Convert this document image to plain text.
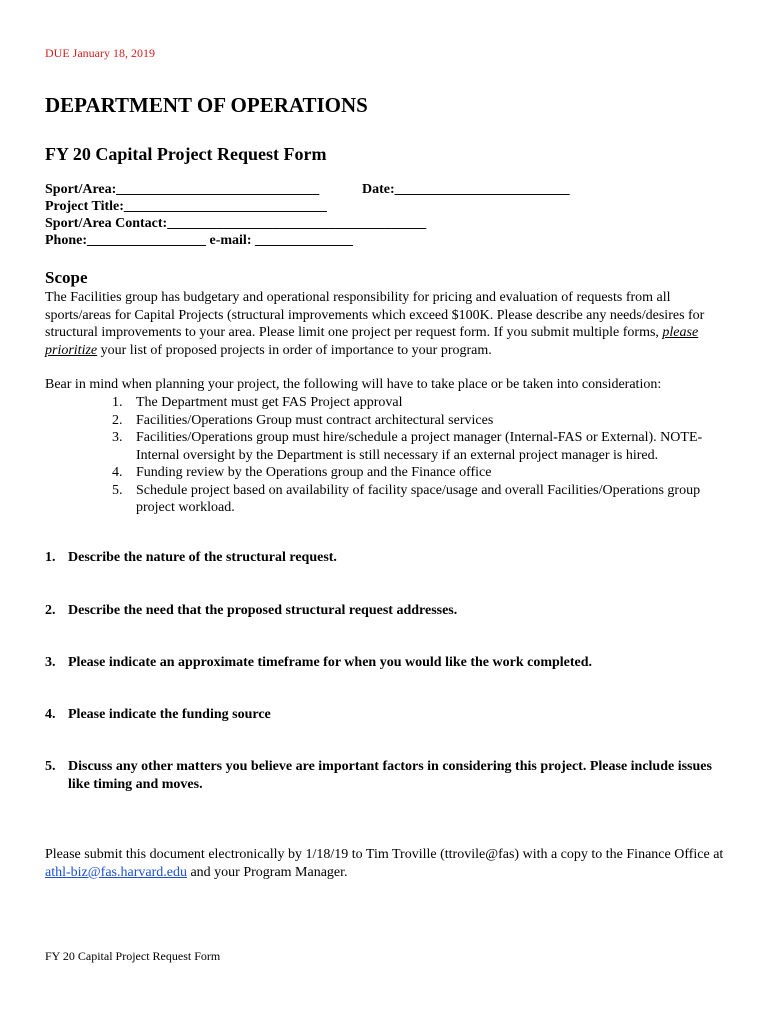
DUE January 18, 2019
DEPARTMENT OF OPERATIONS
FY 20 Capital Project Request Form
Sport/Area:_____________________________	Date:_________________________
Project Title:_____________________________
Sport/Area Contact:_____________________________________
Phone:_________________ e-mail: ______________
Scope
The Facilities group has budgetary and operational responsibility for pricing and evaluation of requests from all sports/areas for Capital Projects (structural improvements which exceed $100K. Please describe any needs/desires for structural improvements to your area. Please limit one project per request form. If you submit multiple forms, please prioritize your list of proposed projects in order of importance to your program.
Bear in mind when planning your project, the following will have to take place or be taken into consideration:
1. The Department must get FAS Project approval
2. Facilities/Operations Group must contract architectural services
3. Facilities/Operations group must hire/schedule a project manager (Internal-FAS or External). NOTE- Internal oversight by the Department is still necessary if an external project manager is hired.
4. Funding review by the Operations group and the Finance office
5. Schedule project based on availability of facility space/usage and overall Facilities/Operations group project workload.
1. Describe the nature of the structural request.
2. Describe the need that the proposed structural request addresses.
3. Please indicate an approximate timeframe for when you would like the work completed.
4. Please indicate the funding source
5. Discuss any other matters you believe are important factors in considering this project. Please include issues like timing and moves.
Please submit this document electronically by 1/18/19 to Tim Troville (ttrovile@fas) with a copy to the Finance Office at athl-biz@fas.harvard.edu and your Program Manager.
FY 20 Capital Project Request Form
